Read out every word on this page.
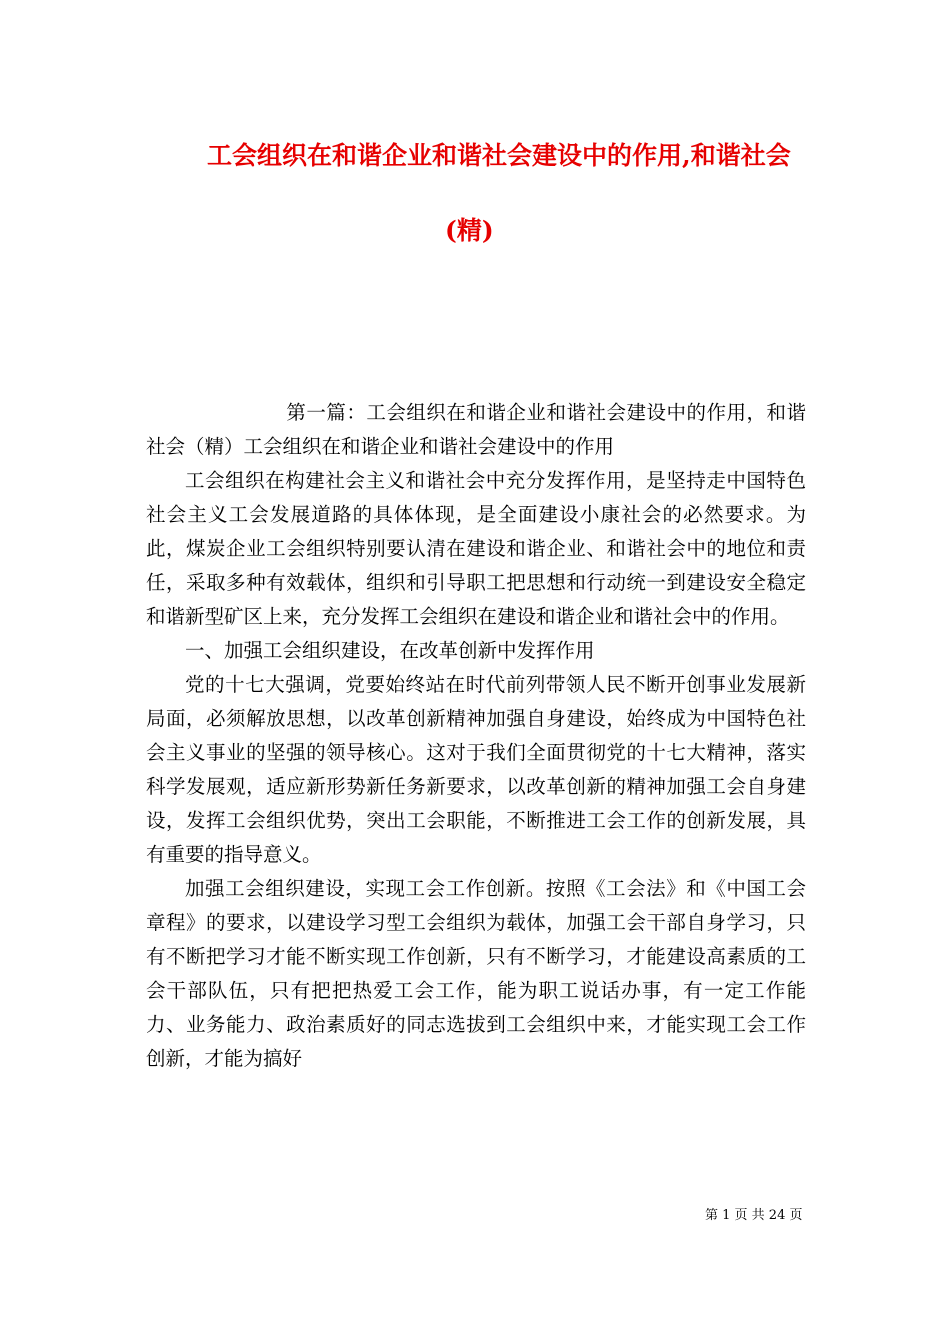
工会组织在和谐企业和谐社会建设中的作用,和谐社会
(精)

第一篇：工会组织在和谐企业和谐社会建设中的作用，和谐社会（精）工会组织在和谐企业和谐社会建设中的作用

工会组织在构建社会主义和谐社会中充分发挥作用，是坚持走中国特色社会主义工会发展道路的具体体现，是全面建设小康社会的必然要求。为此，煤炭企业工会组织特别要认清在建设和谐企业、和谐社会中的地位和责任，采取多种有效载体，组织和引导职工把思想和行动统一到建设安全稳定和谐新型矿区上来，充分发挥工会组织在建设和谐企业和谐社会中的作用。

一、加强工会组织建设，在改革创新中发挥作用

党的十七大强调，党要始终站在时代前列带领人民不断开创事业发展新局面，必须解放思想，以改革创新精神加强自身建设，始终成为中国特色社会主义事业的坚强的领导核心。这对于我们全面贯彻党的十七大精神，落实科学发展观，适应新形势新任务新要求，以改革创新的精神加强工会自身建设，发挥工会组织优势，突出工会职能，不断推进工会工作的创新发展，具有重要的指导意义。

加强工会组织建设，实现工会工作创新。按照《工会法》和《中国工会章程》的要求，以建设学习型工会组织为载体，加强工会干部自身学习，只有不断把学习才能不断实现工作创新，只有不断学习，才能建设高素质的工会干部队伍，只有把把热爱工会工作，能为职工说话办事，有一定工作能力、业务能力、政治素质好的同志选拔到工会组织中来，才能实现工会工作创新，才能为搞好

第 1 页 共 24 页
